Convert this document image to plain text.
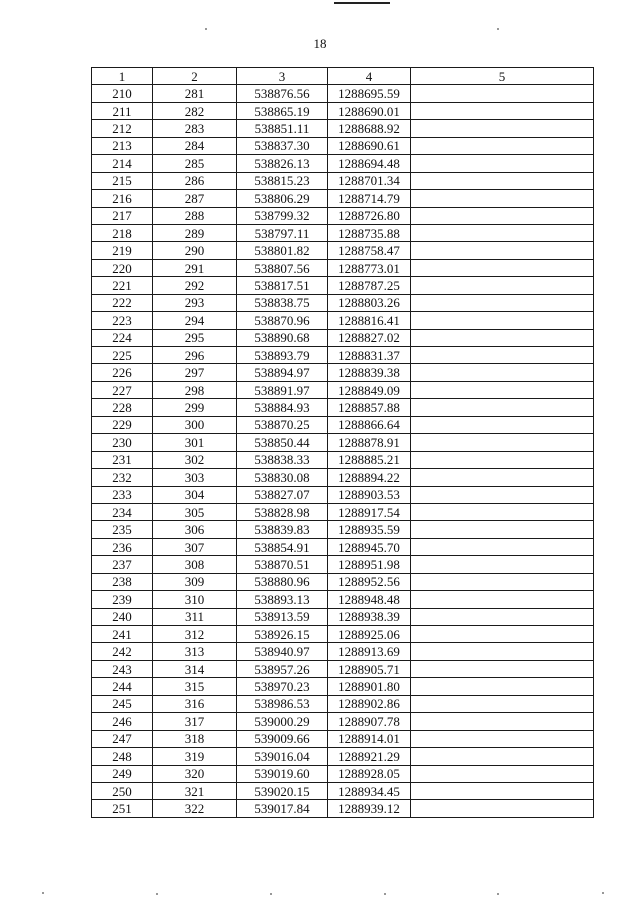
18
1	2	3	4	5
210	281	538876.56	1288695.59	
211	282	538865.19	1288690.01	
212	283	538851.11	1288688.92	
213	284	538837.30	1288690.61	
214	285	538826.13	1288694.48	
215	286	538815.23	1288701.34	
216	287	538806.29	1288714.79	
217	288	538799.32	1288726.80	
218	289	538797.11	1288735.88	
219	290	538801.82	1288758.47	
220	291	538807.56	1288773.01	
221	292	538817.51	1288787.25	
222	293	538838.75	1288803.26	
223	294	538870.96	1288816.41	
224	295	538890.68	1288827.02	
225	296	538893.79	1288831.37	
226	297	538894.97	1288839.38	
227	298	538891.97	1288849.09	
228	299	538884.93	1288857.88	
229	300	538870.25	1288866.64	
230	301	538850.44	1288878.91	
231	302	538838.33	1288885.21	
232	303	538830.08	1288894.22	
233	304	538827.07	1288903.53	
234	305	538828.98	1288917.54	
235	306	538839.83	1288935.59	
236	307	538854.91	1288945.70	
237	308	538870.51	1288951.98	
238	309	538880.96	1288952.56	
239	310	538893.13	1288948.48	
240	311	538913.59	1288938.39	
241	312	538926.15	1288925.06	
242	313	538940.97	1288913.69	
243	314	538957.26	1288905.71	
244	315	538970.23	1288901.80	
245	316	538986.53	1288902.86	
246	317	539000.29	1288907.78	
247	318	539009.66	1288914.01	
248	319	539016.04	1288921.29	
249	320	539019.60	1288928.05	
250	321	539020.15	1288934.45	
251	322	539017.84	1288939.12	
